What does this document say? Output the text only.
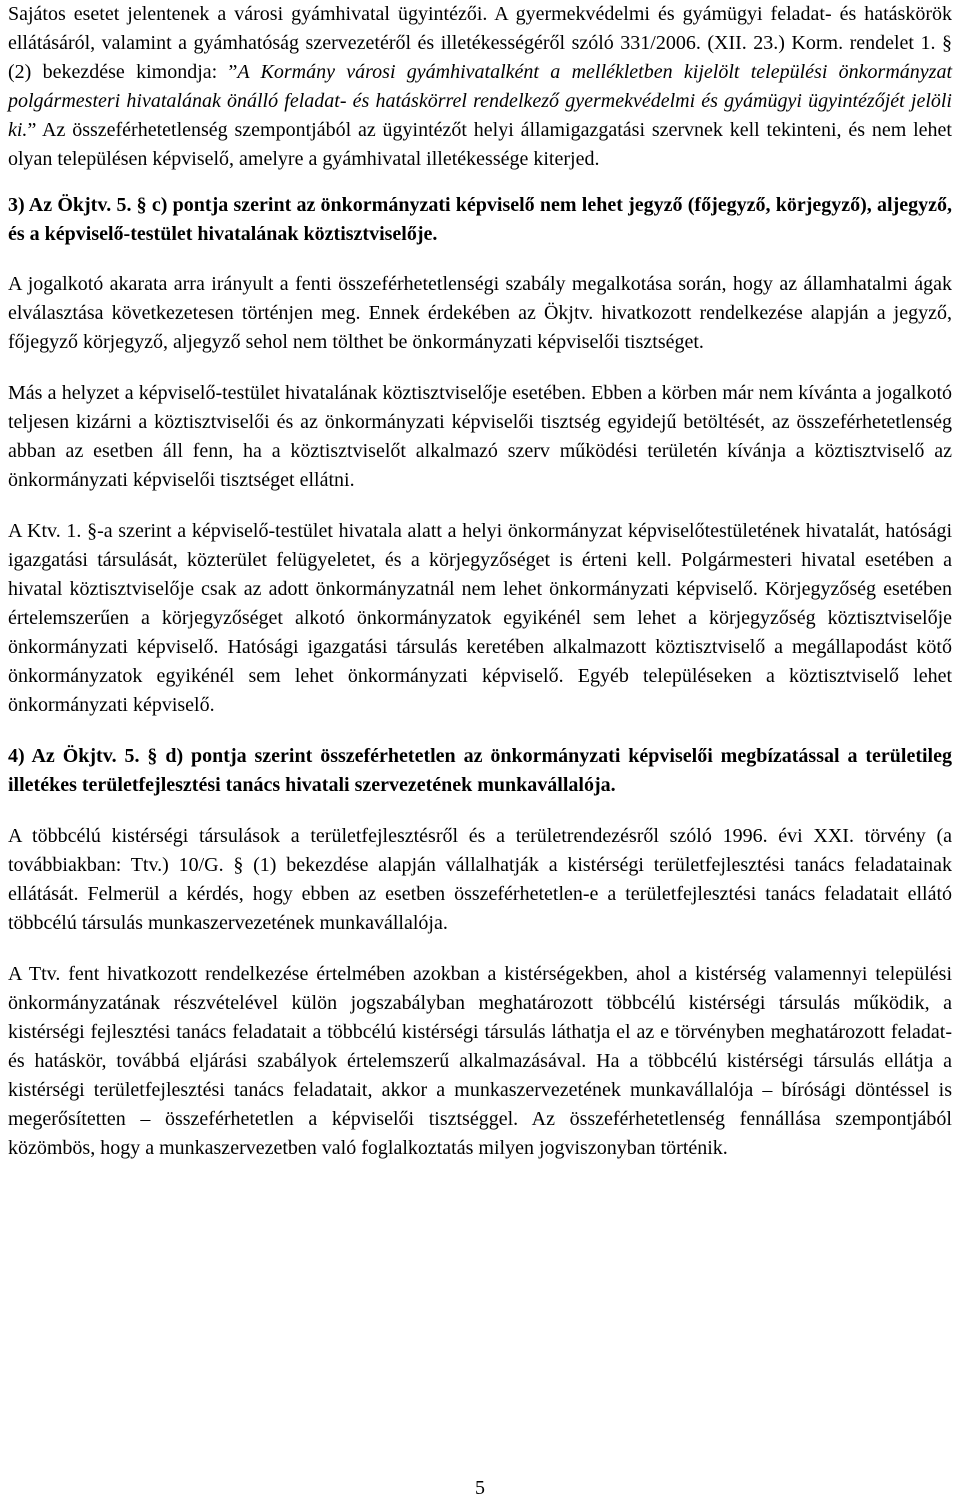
Sajátos esetet jelentenek a városi gyámhivatal ügyintézői. A gyermekvédelmi és gyámügyi feladat- és hatáskörök ellátásáról, valamint a gyámhatóság szervezetéről és illetékességéről szóló 331/2006. (XII. 23.) Korm. rendelet 1. § (2) bekezdése kimondja: ”A Kormány városi gyámhivatalként a mellékletben kijelölt települési önkormányzat polgármesteri hivatalának önálló feladat- és hatáskörrel rendelkező gyermekvédelmi és gyámügyi ügyintézőjét jelöli ki.” Az összeférhetetlenség szempontjából az ügyintézőt helyi államigazgatási szervnek kell tekinteni, és nem lehet olyan településen képviselő, amelyre a gyámhivatal illetékessége kiterjed.

3) Az Ökjtv. 5. § c) pontja szerint az önkormányzati képviselő nem lehet jegyző (főjegyző, körjegyző), aljegyző, és a képviselő-testület hivatalának köztisztviselője.

A jogalkotó akarata arra irányult a fenti összeférhetetlenségi szabály megalkotása során, hogy az államhatalmi ágak elválasztása következetesen történjen meg. Ennek érdekében az Ökjtv. hivatkozott rendelkezése alapján a jegyző, főjegyző körjegyző, aljegyző sehol nem tölthet be önkormányzati képviselői tisztséget.

Más a helyzet a képviselő-testület hivatalának köztisztviselője esetében. Ebben a körben már nem kívánta a jogalkotó teljesen kizárni a köztisztviselői és az önkormányzati képviselői tisztség egyidejű betöltését, az összeférhetetlenség abban az esetben áll fenn, ha a köztisztviselőt alkalmazó szerv működési területén kívánja a köztisztviselő az önkormányzati képviselői tisztséget ellátni.

A Ktv. 1. §-a szerint a képviselő-testület hivatala alatt a helyi önkormányzat képviselőtestületének hivatalát, hatósági igazgatási társulását, közterület felügyeletet, és a körjegyzőséget is érteni kell. Polgármesteri hivatal esetében a hivatal köztisztviselője csak az adott önkormányzatnál nem lehet önkormányzati képviselő. Körjegyzőség esetében értelemszerűen a körjegyzőséget alkotó önkormányzatok egyikénél sem lehet a körjegyzőség köztisztviselője önkormányzati képviselő. Hatósági igazgatási társulás keretében alkalmazott köztisztviselő a megállapodást kötő önkormányzatok egyikénél sem lehet önkormányzati képviselő. Egyéb településeken a köztisztviselő lehet önkormányzati képviselő.

4) Az Ökjtv. 5. § d) pontja szerint összeférhetetlen az önkormányzati képviselői megbízatással a területileg illetékes területfejlesztési tanács hivatali szervezetének munkavállalója.

A többcélú kistérségi társulások a területfejlesztésről és a területrendezésről szóló 1996. évi XXI. törvény (a továbbiakban: Ttv.) 10/G. § (1) bekezdése alapján vállalhatják a kistérségi területfejlesztési tanács feladatainak ellátását. Felmerül a kérdés, hogy ebben az esetben összeférhetetlen-e a területfejlesztési tanács feladatait ellátó többcélú társulás munkaszervezetének munkavállalója.

A Ttv. fent hivatkozott rendelkezése értelmében azokban a kistérségekben, ahol a kistérség valamennyi települési önkormányzatának részvételével külön jogszabályban meghatározott többcélú kistérségi társulás működik, a kistérségi fejlesztési tanács feladatait a többcélú kistérségi társulás láthatja el az e törvényben meghatározott feladat- és hatáskör, továbbá eljárási szabályok értelemszerű alkalmazásával. Ha a többcélú kistérségi társulás ellátja a kistérségi területfejlesztési tanács feladatait, akkor a munkaszervezetének munkavállalója – bírósági döntéssel is megerősítetten – összeférhetetlen a képviselői tisztséggel. Az összeférhetetlenség fennállása szempontjából közömbös, hogy a munkaszervezetben való foglalkoztatás milyen jogviszonyban történik.

5
